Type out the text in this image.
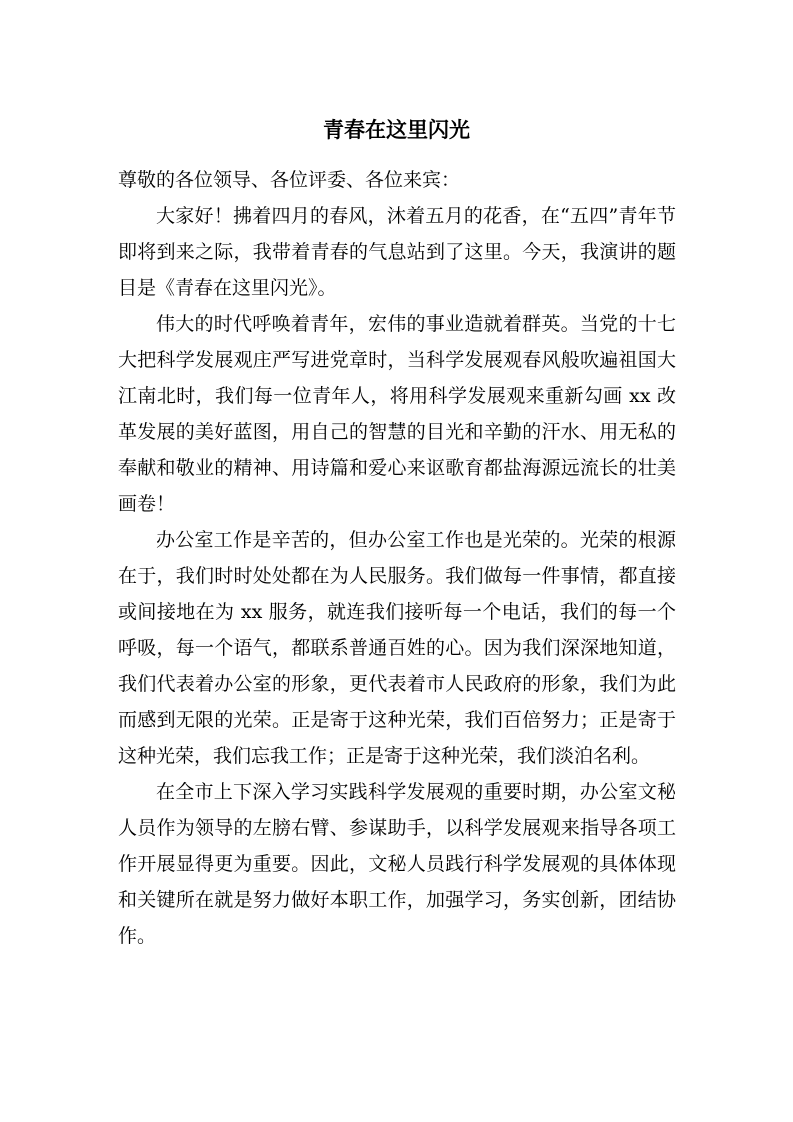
青春在这里闪光

尊敬的各位领导、各位评委、各位来宾：

大家好！拂着四月的春风，沐着五月的花香，在“五四”青年节即将到来之际，我带着青春的气息站到了这里。今天，我演讲的题目是《青春在这里闪光》。

伟大的时代呼唤着青年，宏伟的事业造就着群英。当党的十七大把科学发展观庄严写进党章时，当科学发展观春风般吹遍祖国大江南北时，我们每一位青年人，将用科学发展观来重新勾画 xx 改革发展的美好蓝图，用自己的智慧的目光和辛勤的汗水、用无私的奉献和敬业的精神、用诗篇和爱心来讴歌育都盐海源远流长的壮美画卷！

办公室工作是辛苦的，但办公室工作也是光荣的。光荣的根源在于，我们时时处处都在为人民服务。我们做每一件事情，都直接或间接地在为 xx 服务，就连我们接听每一个电话，我们的每一个呼吸，每一个语气，都联系普通百姓的心。因为我们深深地知道，我们代表着办公室的形象，更代表着市人民政府的形象，我们为此而感到无限的光荣。正是寄于这种光荣，我们百倍努力；正是寄于这种光荣，我们忘我工作；正是寄于这种光荣，我们淡泊名利。

在全市上下深入学习实践科学发展观的重要时期，办公室文秘人员作为领导的左膀右臂、参谋助手，以科学发展观来指导各项工作开展显得更为重要。因此，文秘人员践行科学发展观的具体体现和关键所在就是努力做好本职工作，加强学习，务实创新，团结协作。
